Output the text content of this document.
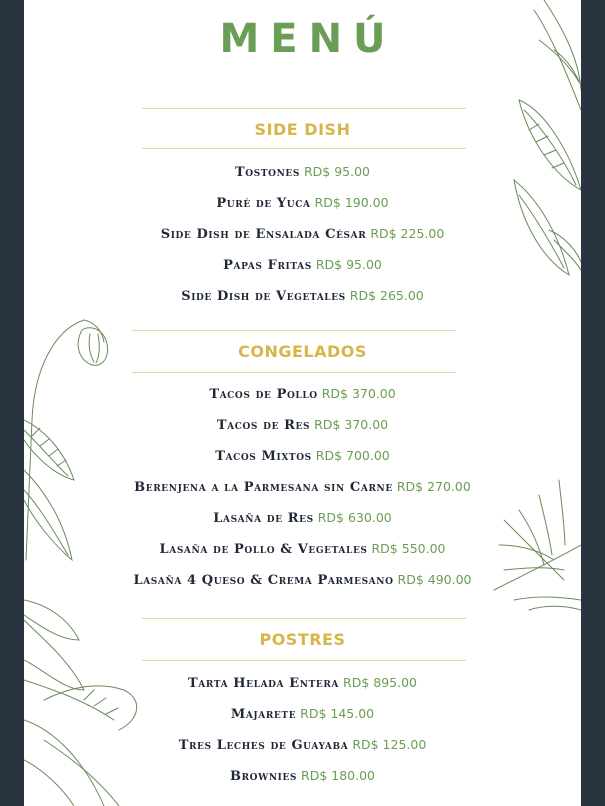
MENÚ
SIDE DISH
Tostones RD$ 95.00
Puré de Yuca RD$ 190.00
Side Dish de Ensalada César RD$ 225.00
Papas Fritas RD$ 95.00
Side Dish de Vegetales RD$ 265.00
CONGELADOS
Tacos de Pollo RD$ 370.00
Tacos de Res RD$ 370.00
Tacos Mixtos RD$ 700.00
Berenjena a la Parmesana sin Carne RD$ 270.00
Lasaña de Res RD$ 630.00
Lasaña de Pollo & Vegetales RD$ 550.00
Lasaña 4 Queso & Crema Parmesano RD$ 490.00
POSTRES
Tarta Helada Entera RD$ 895.00
Majarete RD$ 145.00
Tres Leches de Guayaba RD$ 125.00
Brownies RD$ 180.00
